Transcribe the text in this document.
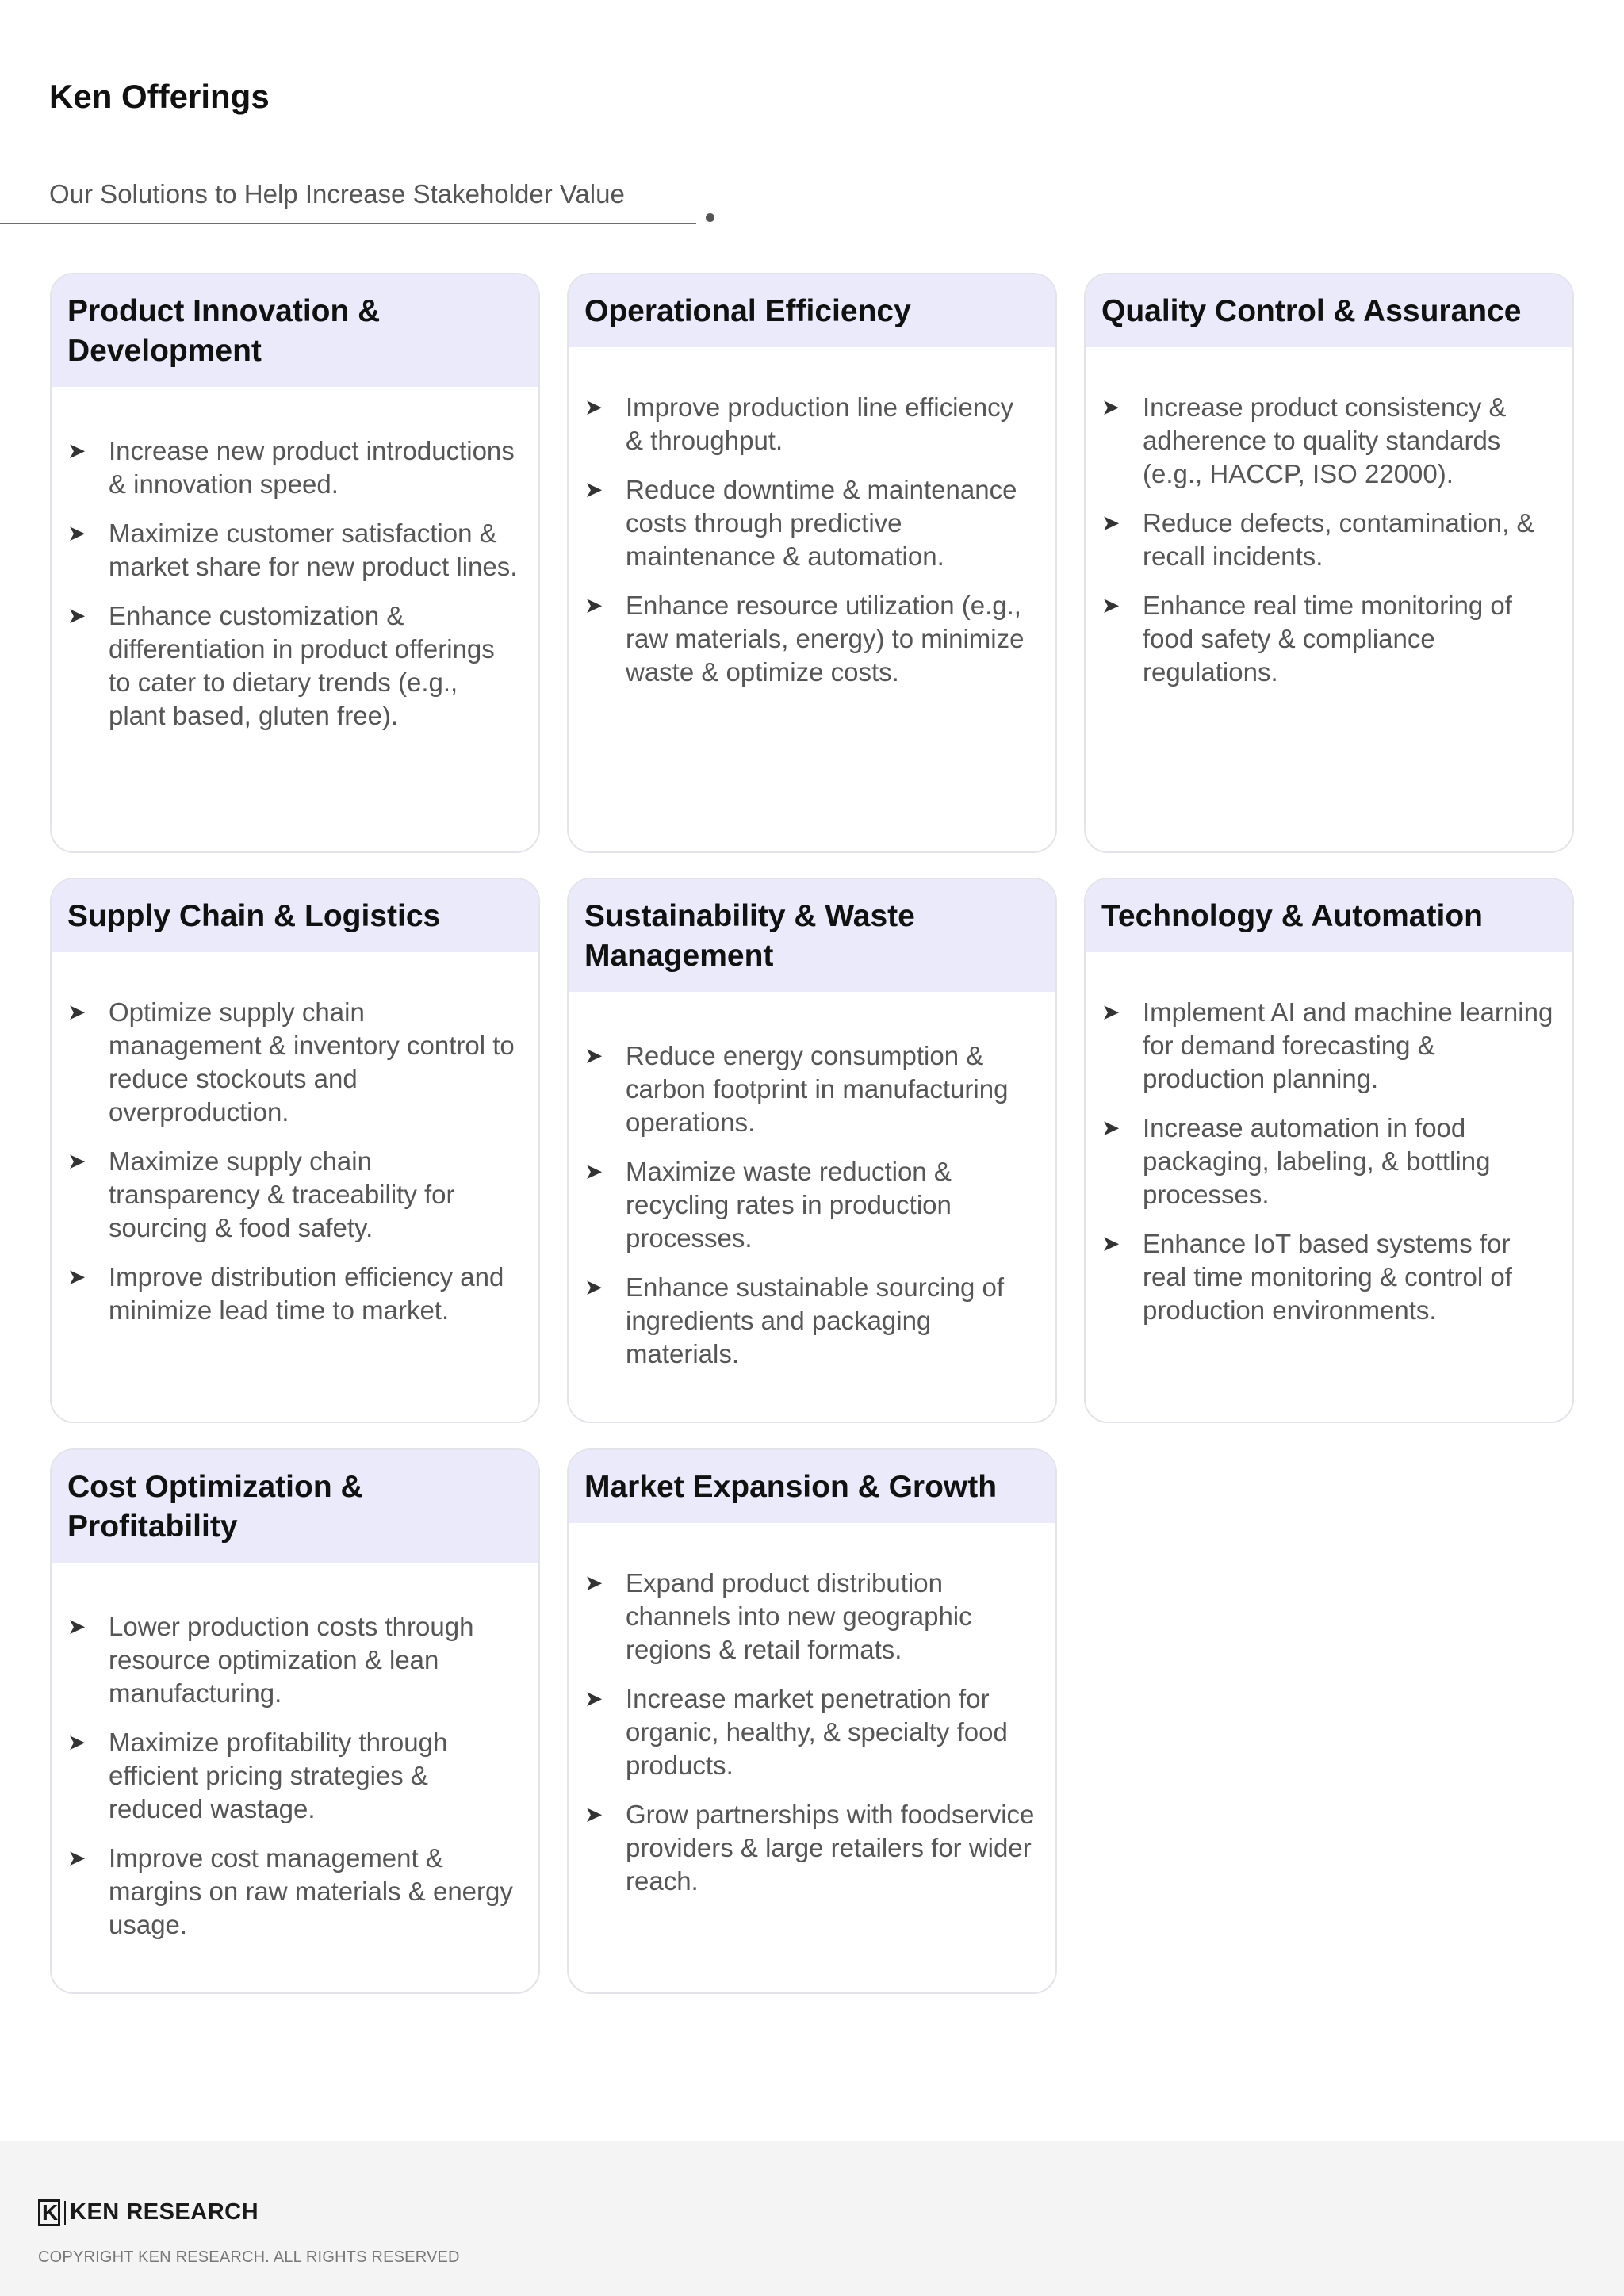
Ken Offerings
Our Solutions to Help Increase Stakeholder Value
Product Innovation & Development
➤ Increase new product introductions & innovation speed.
➤ Maximize customer satisfaction & market share for new product lines.
➤ Enhance customization & differentiation in product offerings to cater to dietary trends (e.g., plant based, gluten free).
Operational Efficiency
➤ Improve production line efficiency & throughput.
➤ Reduce downtime & maintenance costs through predictive maintenance & automation.
➤ Enhance resource utilization (e.g., raw materials, energy) to minimize waste & optimize costs.
Quality Control & Assurance
➤ Increase product consistency & adherence to quality standards (e.g., HACCP, ISO 22000).
➤ Reduce defects, contamination, & recall incidents.
➤ Enhance real time monitoring of food safety & compliance regulations.
Supply Chain & Logistics
➤ Optimize supply chain management & inventory control to reduce stockouts and overproduction.
➤ Maximize supply chain transparency & traceability for sourcing & food safety.
➤ Improve distribution efficiency and minimize lead time to market.
Sustainability & Waste Management
➤ Reduce energy consumption & carbon footprint in manufacturing operations.
➤ Maximize waste reduction & recycling rates in production processes.
➤ Enhance sustainable sourcing of ingredients and packaging materials.
Technology & Automation
➤ Implement AI and machine learning for demand forecasting & production planning.
➤ Increase automation in food packaging, labeling, & bottling processes.
➤ Enhance IoT based systems for real time monitoring & control of production environments.
Cost Optimization & Profitability
➤ Lower production costs through resource optimization & lean manufacturing.
➤ Maximize profitability through efficient pricing strategies & reduced wastage.
➤ Improve cost management & margins on raw materials & energy usage.
Market Expansion & Growth
➤ Expand product distribution channels into new geographic regions & retail formats.
➤ Increase market penetration for organic, healthy, & specialty food products.
➤ Grow partnerships with foodservice providers & large retailers for wider reach.
K KEN RESEARCH
COPYRIGHT KEN RESEARCH. ALL RIGHTS RESERVED
